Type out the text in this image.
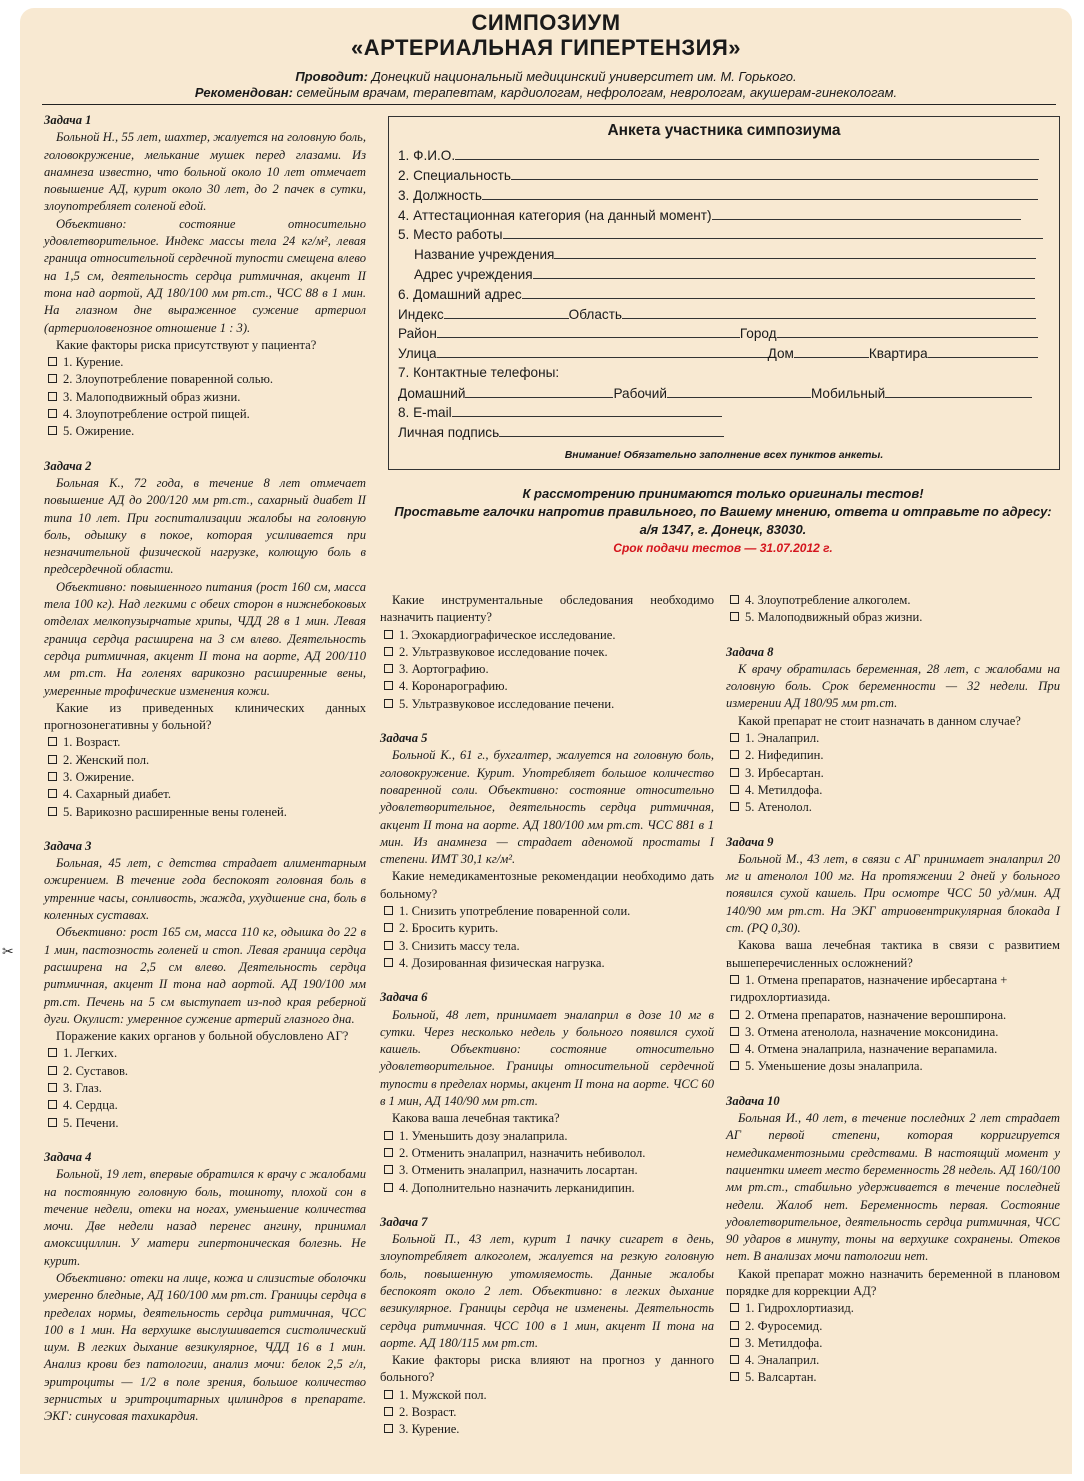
СИМПОЗИУМ
«АРТЕРИАЛЬНАЯ ГИПЕРТЕНЗИЯ»
Проводит: Донецкий национальный медицинский университет им. М. Горького.
Рекомендован: семейным врачам, терапевтам, кардиологам, нефрологам, неврологам, акушерам-гинекологам.
Задача 1
Больной Н., 55 лет, шахтер, жалуется на головную боль, головокружение, мелькание мушек перед глазами. Из анамнеза известно, что больной около 10 лет отмечает повышение АД, курит около 30 лет, до 2 пачек в сутки, злоупотребляет соленой едой.
Объективно: состояние относительно удовлетворительное. Индекс массы тела 24 кг/м², левая граница относительной сердечной тупости смещена влево на 1,5 см, деятельность сердца ритмичная, акцент II тона над аортой, АД 180/100 мм рт.ст., ЧСС 88 в 1 мин. На глазном дне выраженное сужение артериол (артериоловенозное отношение 1 : 3).
Какие факторы риска присутствуют у пациента?
1. Курение.
2. Злоупотребление поваренной солью.
3. Малоподвижный образ жизни.
4. Злоупотребление острой пищей.
5. Ожирение.
Задача 2
Больная К., 72 года, в течение 8 лет отмечает повышение АД до 200/120 мм рт.ст., сахарный диабет II типа 10 лет. При госпитализации жалобы на головную боль, одышку в покое, которая усиливается при незначительной физической нагрузке, колющую боль в предсердечной области.
Объективно: повышенного питания (рост 160 см, масса тела 100 кг). Над легкими с обеих сторон в нижнебоковых отделах мелкопузырчатые хрипы, ЧДД 28 в 1 мин. Левая граница сердца расширена на 3 см влево. Деятельность сердца ритмичная, акцент II тона на аорте, АД 200/110 мм рт.ст. На голенях варикозно расширенные вены, умеренные трофические изменения кожи.
Какие из приведенных клинических данных прогнозонегативны у больной?
1. Возраст.
2. Женский пол.
3. Ожирение.
4. Сахарный диабет.
5. Варикозно расширенные вены голеней.
Задача 3
Больная, 45 лет, с детства страдает алиментарным ожирением. В течение года беспокоят головная боль в утренние часы, сонливость, жажда, ухудшение сна, боль в коленных суставах.
Объективно: рост 165 см, масса 110 кг, одышка до 22 в 1 мин, пастозность голеней и стоп. Левая граница сердца расширена на 2,5 см влево. Деятельность сердца ритмичная, акцент II тона над аортой. АД 190/100 мм рт.ст. Печень на 5 см выступает из-под края реберной дуги. Окулист: умеренное сужение артерий глазного дна.
Поражение каких органов у больной обусловлено АГ?
1. Легких.
2. Суставов.
3. Глаз.
4. Сердца.
5. Печени.
Задача 4
Больной, 19 лет, впервые обратился к врачу с жалобами на постоянную головную боль, тошноту, плохой сон в течение недели, отеки на ногах, уменьшение количества мочи. Две недели назад перенес ангину, принимал амоксициллин. У матери гипертоническая болезнь. Не курит.
Объективно: отеки на лице, кожа и слизистые оболочки умеренно бледные, АД 160/100 мм рт.ст. Границы сердца в пределах нормы, деятельность сердца ритмичная, ЧСС 100 в 1 мин. На верхушке выслушивается систолический шум. В легких дыхание везикулярное, ЧДД 16 в 1 мин. Анализ крови без патологии, анализ мочи: белок 2,5 г/л, эритроциты — 1/2 в поле зрения, большое количество зернистых и эритроцитарных цилиндров в препарате. ЭКГ: синусовая тахикардия.
Анкета участника симпозиума
1. Ф.И.О.
2. Специальность
3. Должность
4. Аттестационная категория (на данный момент)
5. Место работы
Название учреждения
Адрес учреждения
6. Домашний адрес
Индекс	Область
Район	Город
Улица	Дом	Квартира
7. Контактные телефоны:
Домашний	Рабочий	Мобильный
8. E-mail
Личная подпись
Внимание! Обязательно заполнение всех пунктов анкеты.
К рассмотрению принимаются только оригиналы тестов!
Проставьте галочки напротив правильного, по Вашему мнению, ответа и отправьте по адресу:
а/я 1347, г. Донецк, 83030.
Срок подачи тестов — 31.07.2012 г.
Какие инструментальные обследования необходимо назначить пациенту?
1. Эхокардиографическое исследование.
2. Ультразвуковое исследование почек.
3. Аортографию.
4. Коронарографию.
5. Ультразвуковое исследование печени.
Задача 5
Больной К., 61 г., бухгалтер, жалуется на головную боль, головокружение. Курит. Употребляет большое количество поваренной соли. Объективно: состояние относительно удовлетворительное, деятельность сердца ритмичная, акцент II тона на аорте. АД 180/100 мм рт.ст. ЧСС 881 в 1 мин. Из анамнеза — страдает аденомой простаты I степени. ИМТ 30,1 кг/м².
Какие немедикаментозные рекомендации необходимо дать больному?
1. Снизить употребление поваренной соли.
2. Бросить курить.
3. Снизить массу тела.
4. Дозированная физическая нагрузка.
Задача 6
Больной, 48 лет, принимает эналаприл в дозе 10 мг в сутки. Через несколько недель у больного появился сухой кашель. Объективно: состояние относительно удовлетворительное. Границы относительной сердечной тупости в пределах нормы, акцент II тона на аорте. ЧСС 60 в 1 мин, АД 140/90 мм рт.ст.
Какова ваша лечебная тактика?
1. Уменьшить дозу эналаприла.
2. Отменить эналаприл, назначить небиволол.
3. Отменить эналаприл, назначить лосартан.
4. Дополнительно назначить лерканидипин.
Задача 7
Больной П., 43 лет, курит 1 пачку сигарет в день, злоупотребляет алкоголем, жалуется на резкую головную боль, повышенную утомляемость. Данные жалобы беспокоят около 2 лет. Объективно: в легких дыхание везикулярное. Границы сердца не изменены. Деятельность сердца ритмичная. ЧСС 100 в 1 мин, акцент II тона на аорте. АД 180/115 мм рт.ст.
Какие факторы риска влияют на прогноз у данного больного?
1. Мужской пол.
2. Возраст.
3. Курение.
4. Злоупотребление алкоголем.
5. Малоподвижный образ жизни.
Задача 8
К врачу обратилась беременная, 28 лет, с жалобами на головную боль. Срок беременности — 32 недели. При измерении АД 180/95 мм рт.ст.
Какой препарат не стоит назначать в данном случае?
1. Эналаприл.
2. Нифедипин.
3. Ирбесартан.
4. Метилдофа.
5. Атенолол.
Задача 9
Больной М., 43 лет, в связи с АГ принимает эналаприл 20 мг и атенолол 100 мг. На протяжении 2 дней у больного появился сухой кашель. При осмотре ЧСС 50 уд/мин. АД 140/90 мм рт.ст. На ЭКГ атриовентрикулярная блокада I ст. (PQ 0,30).
Какова ваша лечебная тактика в связи с развитием вышеперечисленных осложнений?
1. Отмена препаратов, назначение ирбесартана + гидрохлортиазида.
2. Отмена препаратов, назначение верошпирона.
3. Отмена атенолола, назначение моксонидина.
4. Отмена эналаприла, назначение верапамила.
5. Уменьшение дозы эналаприла.
Задача 10
Больная И., 40 лет, в течение последних 2 лет страдает АГ первой степени, которая корригируется немедикаментозными средствами. В настоящий момент у пациентки имеет место беременность 28 недель. АД 160/100 мм рт.ст., стабильно удерживается в течение последней недели. Жалоб нет. Беременность первая. Состояние удовлетворительное, деятельность сердца ритмичная, ЧСС 90 ударов в минуту, тоны на верхушке сохранены. Отеков нет. В анализах мочи патологии нет.
Какой препарат можно назначить беременной в плановом порядке для коррекции АД?
1. Гидрохлортиазид.
2. Фуросемид.
3. Метилдофа.
4. Эналаприл.
5. Валсартан.
✂
